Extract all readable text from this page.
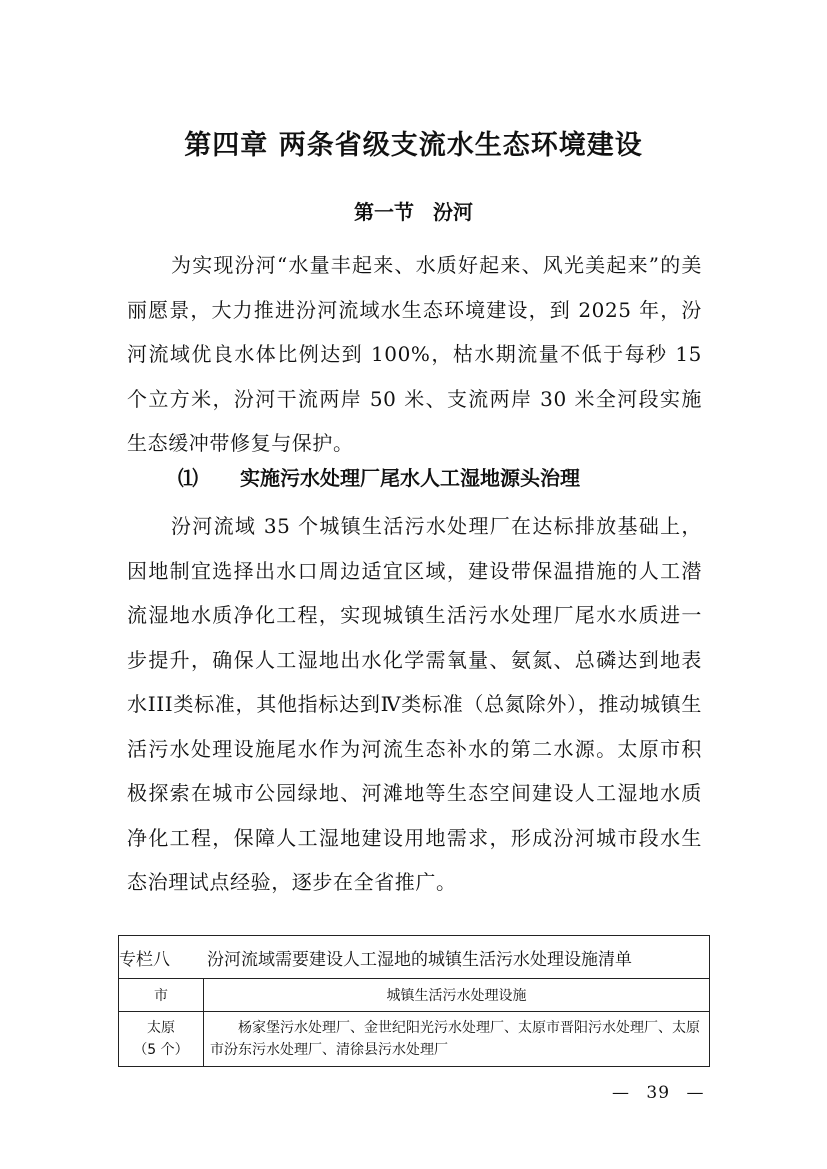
第四章 两条省级支流水生态环境建设
第一节 汾河

为实现汾河“水量丰起来、水质好起来、风光美起来”的美丽愿景，大力推进汾河流域水生态环境建设，到 2025 年，汾河流域优良水体比例达到 100%，枯水期流量不低于每秒 15 个立方米，汾河干流两岸 50 米、支流两岸 30 米全河段实施生态缓冲带修复与保护。

⑴ 实施污水处理厂尾水人工湿地源头治理

汾河流域 35 个城镇生活污水处理厂在达标排放基础上，因地制宜选择出水口周边适宜区域，建设带保温措施的人工潜流湿地水质净化工程，实现城镇生活污水处理厂尾水水质进一步提升，确保人工湿地出水化学需氧量、氨氮、总磷达到地表水III类标准，其他指标达到Ⅳ类标准（总氮除外），推动城镇生活污水处理设施尾水作为河流生态补水的第二水源。太原市积极探索在城市公园绿地、河滩地等生态空间建设人工湿地水质净化工程，保障人工湿地建设用地需求，形成汾河城市段水生态治理试点经验，逐步在全省推广。

专栏八 汾河流域需要建设人工湿地的城镇生活污水处理设施清单	
市	城镇生活污水处理设施

太原
（5 个）	杨家堡污水处理厂、金世纪阳光污水处理厂、太原市晋阳污水处理厂、太原市汾东污水处理厂、清徐县污水处理厂

— 39 —
